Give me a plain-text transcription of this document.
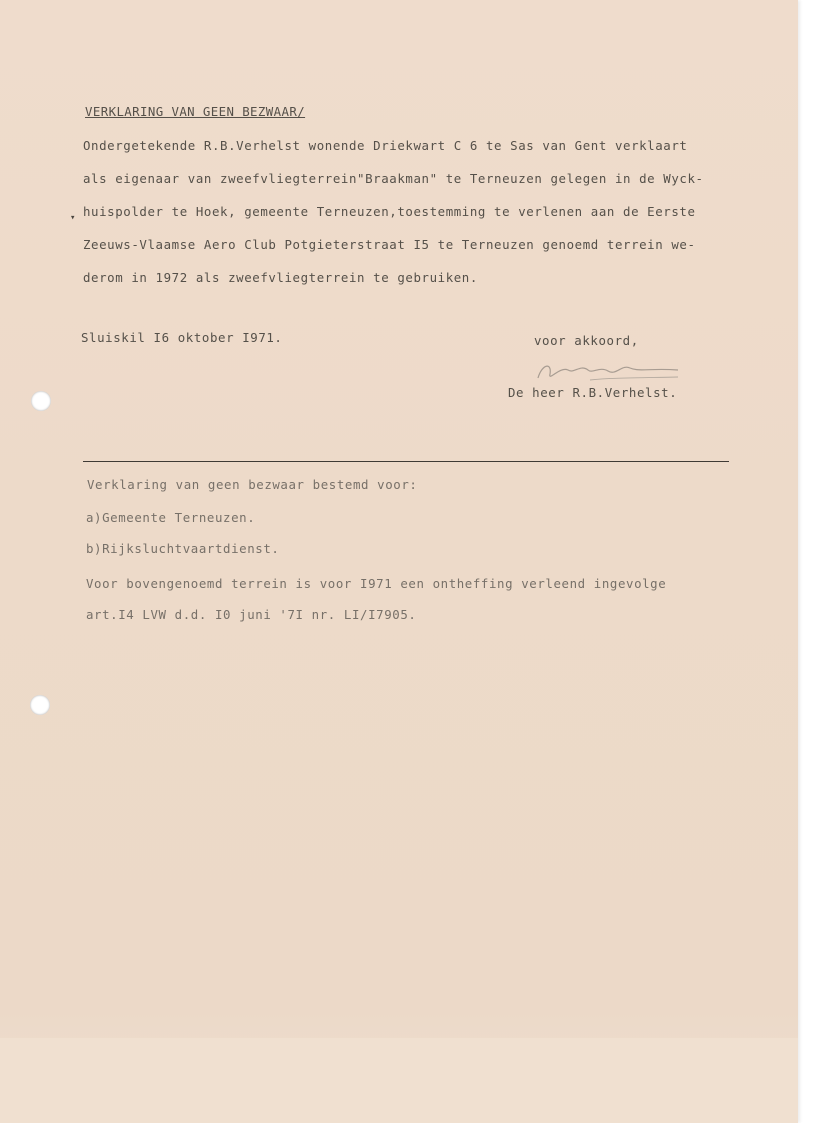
VERKLARING VAN GEEN BEZWAAR/
Ondergetekende R.B.Verhelst wonende Driekwart C 6 te Sas van Gent verklaart
als eigenaar van zweefvliegterrein"Braakman" te Terneuzen gelegen in de Wyck-
huispolder te Hoek, gemeente Terneuzen,toestemming te verlenen aan de Eerste
Zeeuws-Vlaamse Aero Club Potgieterstraat I5 te Terneuzen genoemd terrein we-
derom in 1972 als zweefvliegterrein te gebruiken.
▾
Sluiskil I6 oktober I971.	voor akkoord,
De heer R.B.Verhelst.
Verklaring van geen bezwaar bestemd voor:
a)Gemeente Terneuzen.
b)Rijksluchtvaartdienst.
Voor bovengenoemd terrein is voor I971 een ontheffing verleend ingevolge
art.I4 LVW d.d. I0 juni '7I nr. LI/I7905.
